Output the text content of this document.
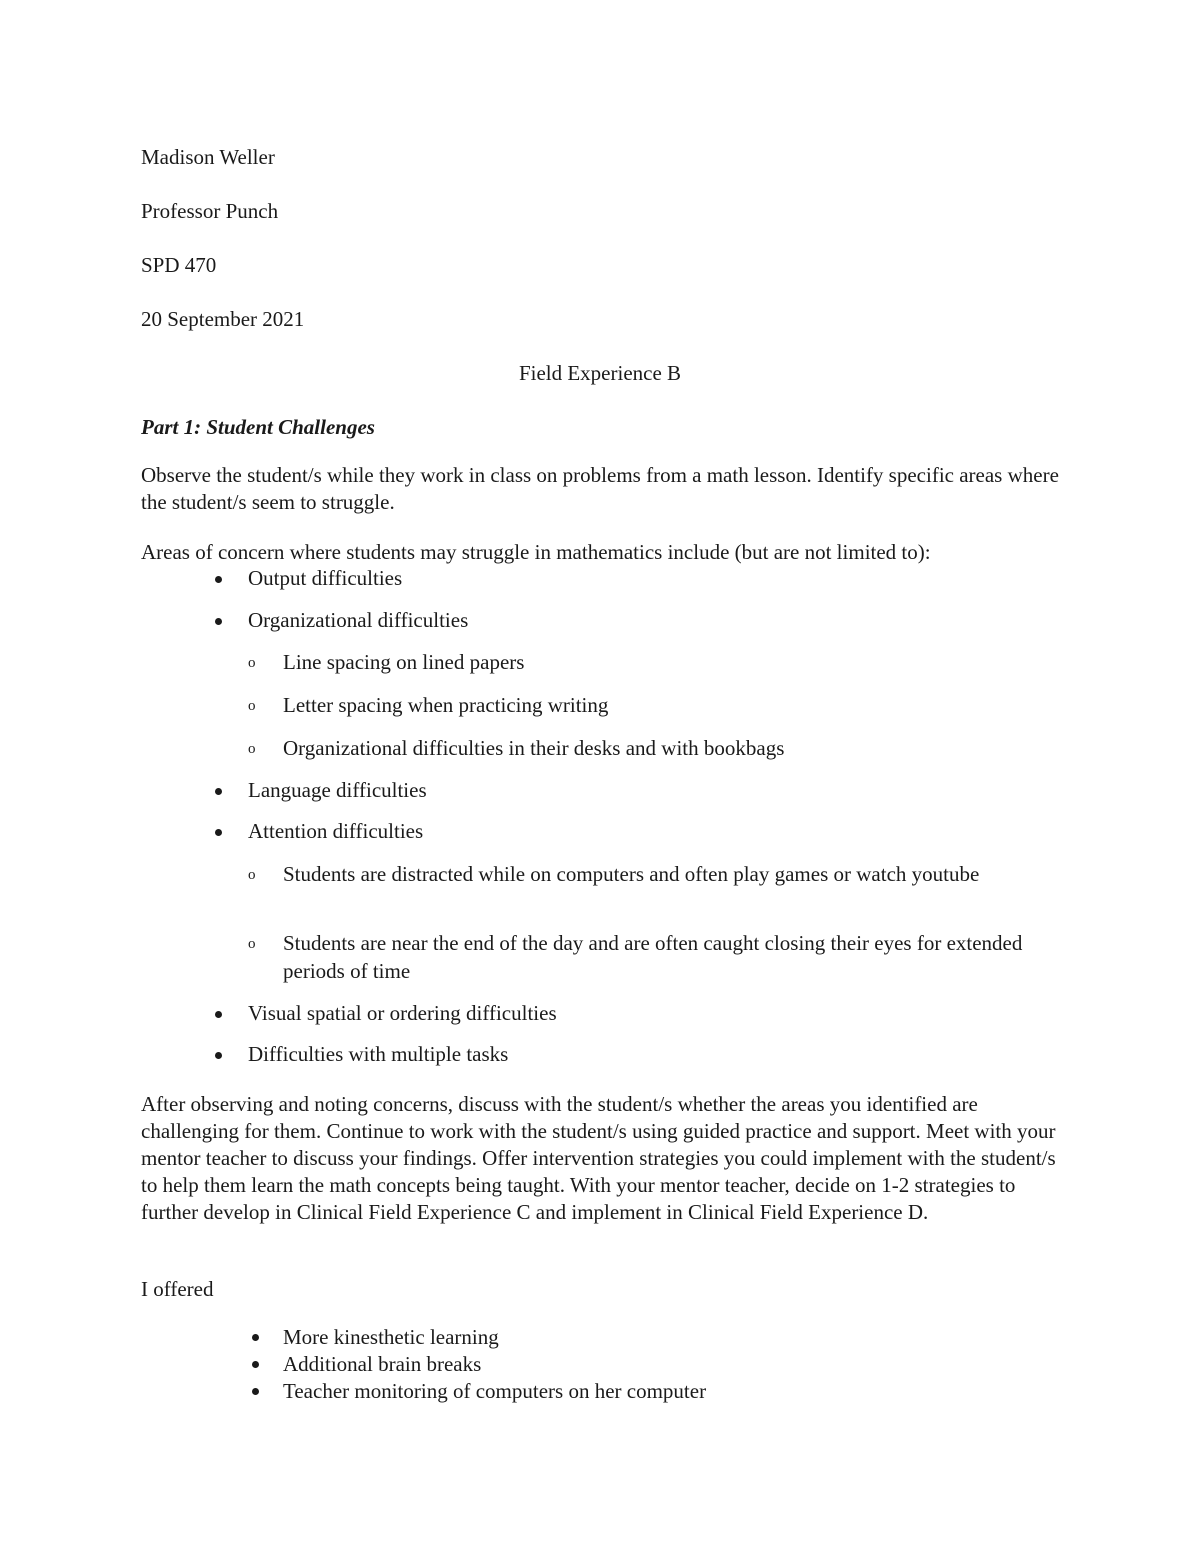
Madison Weller
Professor Punch
SPD 470
20 September 2021
Field Experience B
Part 1: Student Challenges
Observe the student/s while they work in class on problems from a math lesson. Identify specific areas where the student/s seem to struggle.
Areas of concern where students may struggle in mathematics include (but are not limited to):
Output difficulties
Organizational difficulties
o Line spacing on lined papers
o Letter spacing when practicing writing
o Organizational difficulties in their desks and with bookbags
Language difficulties
Attention difficulties
o Students are distracted while on computers and often play games or watch youtube
o Students are near the end of the day and are often caught closing their eyes for extended periods of time
Visual spatial or ordering difficulties
Difficulties with multiple tasks
After observing and noting concerns, discuss with the student/s whether the areas you identified are challenging for them. Continue to work with the student/s using guided practice and support. Meet with your mentor teacher to discuss your findings. Offer intervention strategies you could implement with the student/s to help them learn the math concepts being taught. With your mentor teacher, decide on 1-2 strategies to further develop in Clinical Field Experience C and implement in Clinical Field Experience D.
I offered
More kinesthetic learning
Additional brain breaks
Teacher monitoring of computers on her computer
